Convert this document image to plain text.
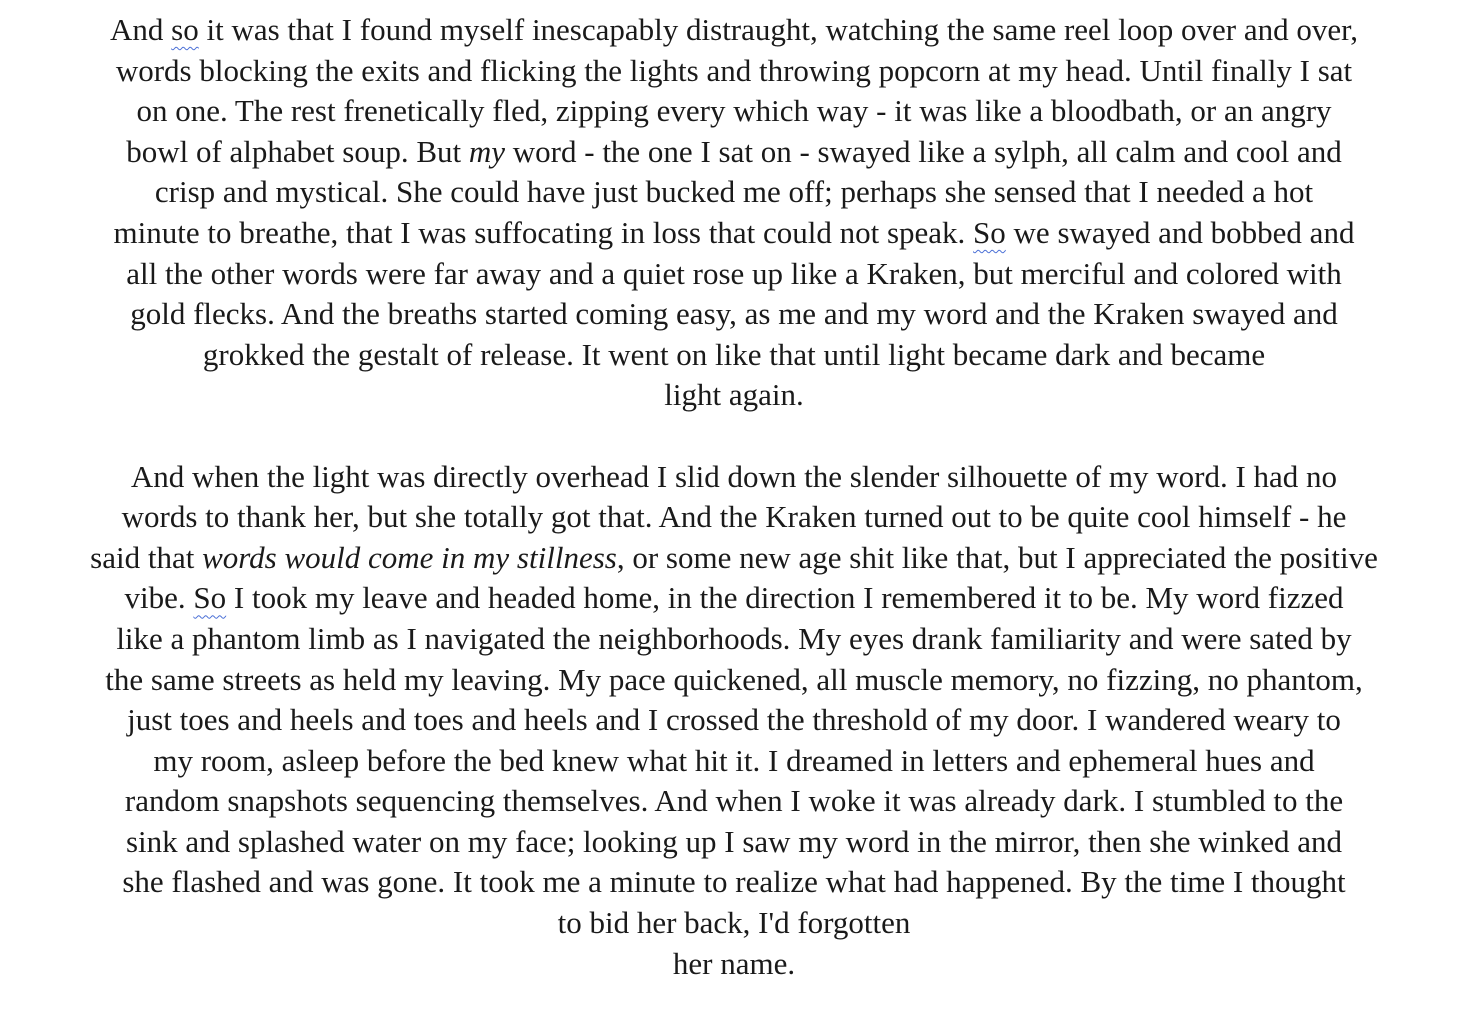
And so it was that I found myself inescapably distraught, watching the same reel loop over and over,
words blocking the exits and flicking the lights and throwing popcorn at my head. Until finally I sat
on one. The rest frenetically fled, zipping every which way - it was like a bloodbath, or an angry
bowl of alphabet soup. But my word - the one I sat on - swayed like a sylph, all calm and cool and
crisp and mystical. She could have just bucked me off; perhaps she sensed that I needed a hot
minute to breathe, that I was suffocating in loss that could not speak. So we swayed and bobbed and
all the other words were far away and a quiet rose up like a Kraken, but merciful and colored with
gold flecks. And the breaths started coming easy, as me and my word and the Kraken swayed and
grokked the gestalt of release. It went on like that until light became dark and became
light again.
And when the light was directly overhead I slid down the slender silhouette of my word. I had no
words to thank her, but she totally got that. And the Kraken turned out to be quite cool himself - he
said that words would come in my stillness, or some new age shit like that, but I appreciated the positive
vibe. So I took my leave and headed home, in the direction I remembered it to be. My word fizzed
like a phantom limb as I navigated the neighborhoods. My eyes drank familiarity and were sated by
the same streets as held my leaving. My pace quickened, all muscle memory, no fizzing, no phantom,
just toes and heels and toes and heels and I crossed the threshold of my door. I wandered weary to
my room, asleep before the bed knew what hit it. I dreamed in letters and ephemeral hues and
random snapshots sequencing themselves. And when I woke it was already dark. I stumbled to the
sink and splashed water on my face; looking up I saw my word in the mirror, then she winked and
she flashed and was gone. It took me a minute to realize what had happened. By the time I thought
to bid her back, I'd forgotten
her name.
